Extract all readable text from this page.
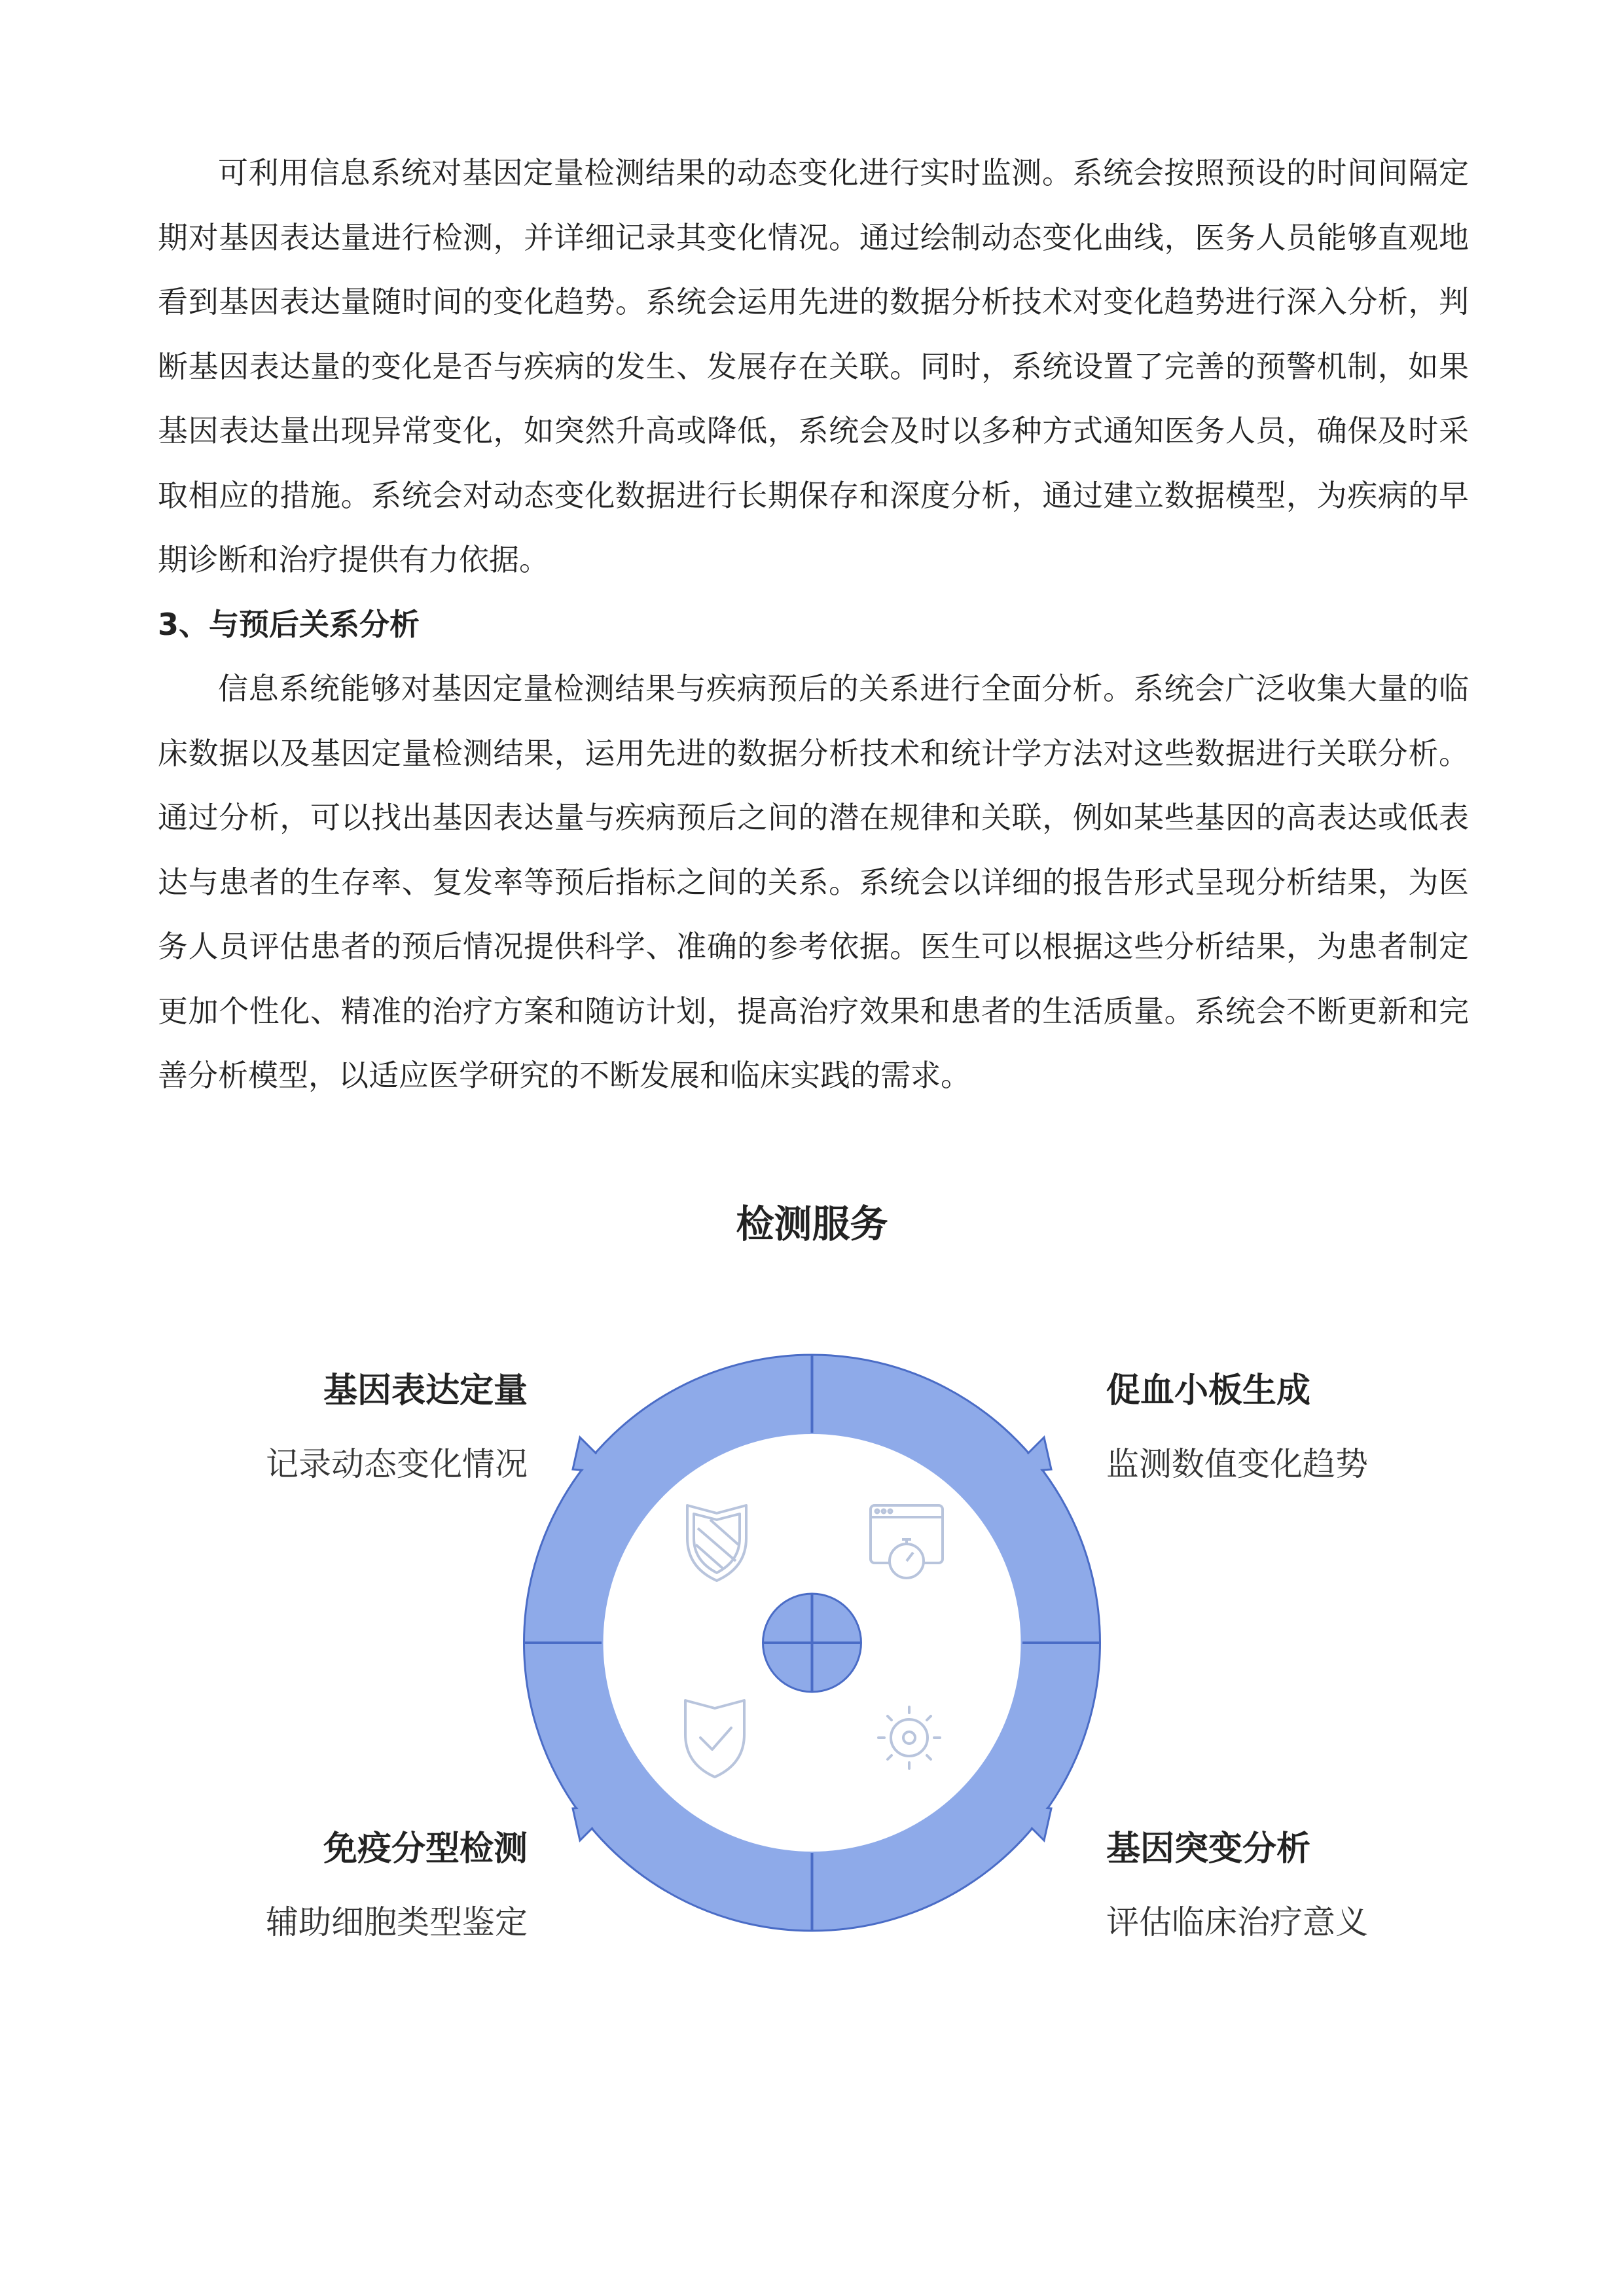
可利用信息系统对基因定量检测结果的动态变化进行实时监测。系统会按照预设的时间间隔定期对基因表达量进行检测，并详细记录其变化情况。通过绘制动态变化曲线，医务人员能够直观地看到基因表达量随时间的变化趋势。系统会运用先进的数据分析技术对变化趋势进行深入分析，判断基因表达量的变化是否与疾病的发生、发展存在关联。同时，系统设置了完善的预警机制，如果基因表达量出现异常变化，如突然升高或降低，系统会及时以多种方式通知医务人员，确保及时采取相应的措施。系统会对动态变化数据进行长期保存和深度分析，通过建立数据模型，为疾病的早期诊断和治疗提供有力依据。

3、与预后关系分析

信息系统能够对基因定量检测结果与疾病预后的关系进行全面分析。系统会广泛收集大量的临床数据以及基因定量检测结果，运用先进的数据分析技术和统计学方法对这些数据进行关联分析。通过分析，可以找出基因表达量与疾病预后之间的潜在规律和关联，例如某些基因的高表达或低表达与患者的生存率、复发率等预后指标之间的关系。系统会以详细的报告形式呈现分析结果，为医务人员评估患者的预后情况提供科学、准确的参考依据。医生可以根据这些分析结果，为患者制定更加个性化、精准的治疗方案和随访计划，提高治疗效果和患者的生活质量。系统会不断更新和完善分析模型，以适应医学研究的不断发展和临床实践的需求。

检测服务
基因表达定量
记录动态变化情况
促血小板生成
监测数值变化趋势
免疫分型检测
辅助细胞类型鉴定
基因突变分析
评估临床治疗意义
